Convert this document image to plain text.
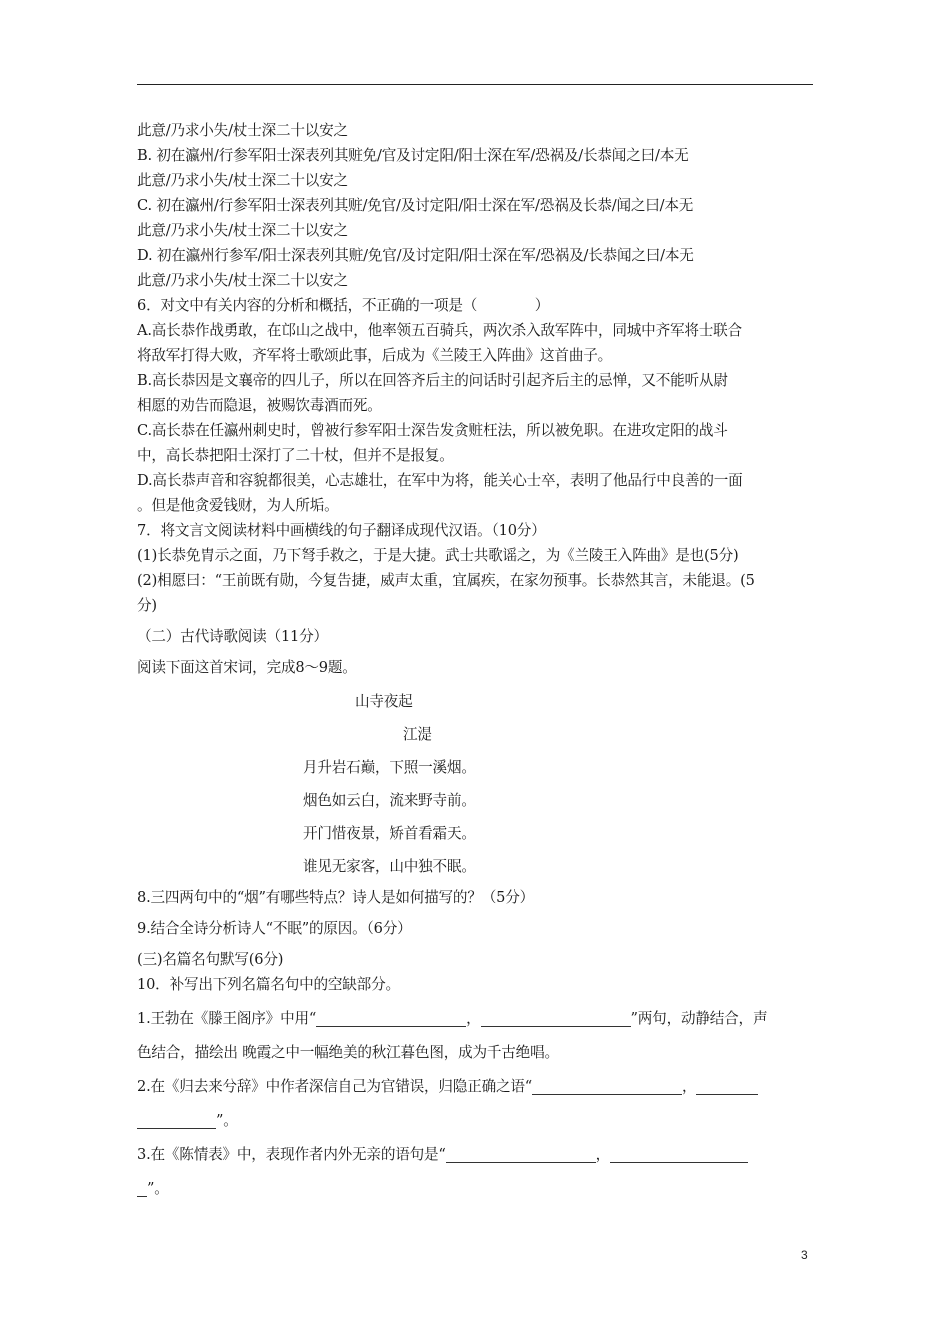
此意/乃求小失/杖士深二十以安之
B. 初在瀛州/行参军阳士深表列其赃免/官及讨定阳/阳士深在军/恐祸及/长恭闻之曰/本无
此意/乃求小失/杖士深二十以安之
C. 初在瀛州/行参军阳士深表列其赃/免官/及讨定阳/阳士深在军/恐祸及长恭/闻之曰/本无
此意/乃求小失/杖士深二十以安之
D. 初在瀛州行参军/阳士深表列其赃/免官/及讨定阳/阳士深在军/恐祸及/长恭闻之曰/本无
此意/乃求小失/杖士深二十以安之
6．对文中有关内容的分析和概括，不正确的一项是（　　　　）
A.高长恭作战勇敢，在邙山之战中，他率领五百骑兵，两次杀入敌军阵中，同城中齐军将士联合
将敌军打得大败，齐军将士歌颂此事，后成为《兰陵王入阵曲》这首曲子。
B.高长恭因是文襄帝的四儿子，所以在回答齐后主的问话时引起齐后主的忌惮，又不能听从尉
相愿的劝告而隐退，被赐饮毒酒而死。
C.高长恭在任瀛州刺史时，曾被行参军阳士深告发贪赃枉法，所以被免职。在进攻定阳的战斗
中，高长恭把阳士深打了二十杖，但并不是报复。
D.高长恭声音和容貌都很美，心志雄壮，在军中为将，能关心士卒，表明了他品行中良善的一面
。但是他贪爱钱财，为人所垢。
7．将文言文阅读材料中画横线的句子翻译成现代汉语。（10分）
(1)长恭免胄示之面，乃下弩手救之，于是大捷。武士共歌谣之，为《兰陵王入阵曲》是也(5分)
(2)相愿曰：“王前既有勋，今复告捷，威声太重，宜属疾，在家勿预事。长恭然其言，未能退。(5
分)
（二）古代诗歌阅读（11分）
阅读下面这首宋词，完成8～9题。
山寺夜起
江湜
月升岩石巅，下照一溪烟。
烟色如云白，流来野寺前。
开门惜夜景，矫首看霜天。
谁见无家客，山中独不眠。
8.三四两句中的“烟”有哪些特点？诗人是如何描写的？（5分）
9.结合全诗分析诗人“不眠”的原因。（6分）
(三)名篇名句默写(6分)
10．补写出下列名篇名句中的空缺部分。
1.王勃在《滕王阁序》中用“	，	”两句，动静结合，声
色结合，描绘出 晚霞之中一幅绝美的秋江暮色图，成为千古绝唱。
2.在《归去来兮辞》中作者深信自己为官错误，归隐正确之语“	，
”。
3.在《陈情表》中，表现作者内外无亲的语句是“	，
”。
3
